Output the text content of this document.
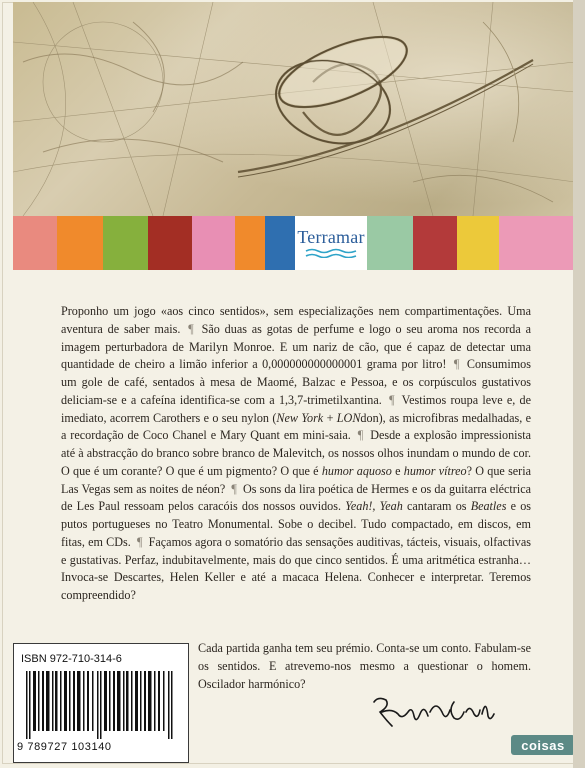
Terramar

Proponho um jogo «aos cinco sentidos», sem especializações nem compartimentações. Uma aventura de saber mais. ¶ São duas as gotas de perfume e logo o seu aroma nos recorda a imagem perturbadora de Marilyn Monroe. E um nariz de cão, que é capaz de detectar uma quantidade de cheiro a limão inferior a 0,000000000000001 grama por litro! ¶ Consumimos um gole de café, sentados à mesa de Maomé, Balzac e Pessoa, e os corpúsculos gustativos deliciam-se e a cafeína identifica-se com a 1,3,7-trimetilxantina. ¶ Vestimos roupa leve e, de imediato, acorrem Carothers e o seu nylon (New York + LONdon), as microfibras medalhadas, e a recordação de Coco Chanel e Mary Quant em mini-saia. ¶ Desde a explosão impressionista até à abstracção do branco sobre branco de Malevitch, os nossos olhos inundam o mundo de cor. O que é um corante? O que é um pigmento? O que é humor aquoso e humor vítreo? O que seria Las Vegas sem as noites de néon? ¶ Os sons da lira poética de Hermes e os da guitarra eléctrica de Les Paul ressoam pelos caracóis dos nossos ouvidos. Yeah!, Yeah cantaram os Beatles e os putos portugueses no Teatro Monumental. Sobe o decibel. Tudo compactado, em discos, em fitas, em CDs. ¶ Façamos agora o somatório das sensações auditivas, tácteis, visuais, olfactivas e gustativas. Perfaz, indubitavelmente, mais do que cinco sentidos. É uma aritmética estranha… Invoca-se Descartes, Helen Keller e até a macaca Helena. Conhecer e interpretar. Teremos compreendido?

Cada partida ganha tem seu prémio. Conta-se um conto. Fabulam-se os sentidos. E atrevemo-nos mesmo a questionar o homem. Oscilador harmónico?

ISBN 972-710-314-6
9 789727 103140	coisas
